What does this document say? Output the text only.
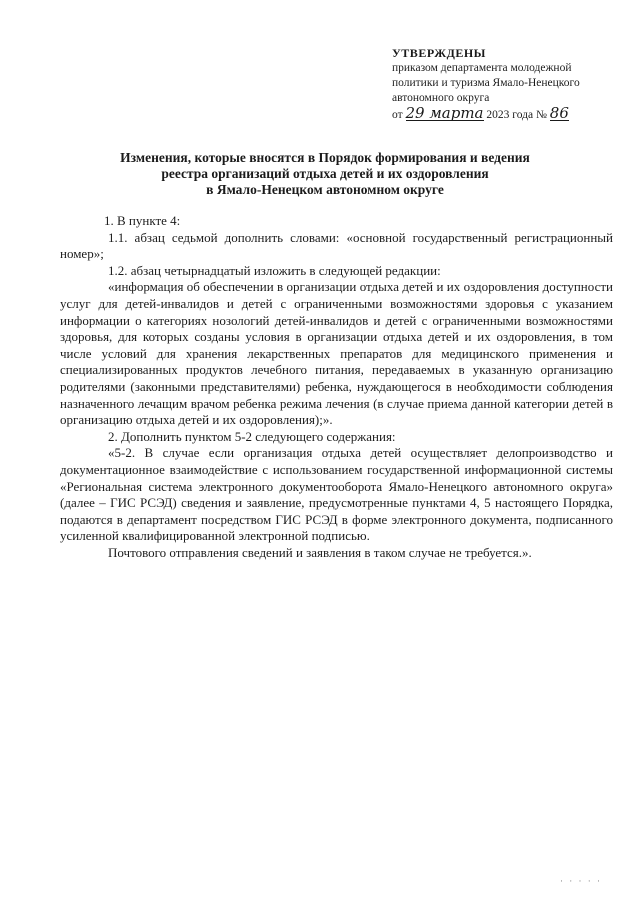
УТВЕРЖДЕНЫ
приказом департамента молодежной
политики и туризма Ямало-Ненецкого
автономного округа
от 29 марта 2023 года № 86
Изменения, которые вносятся в Порядок формирования и ведения
реестра организаций отдыха детей и их оздоровления
в Ямало-Ненецком автономном округе

1. В пункте 4:

1.1. абзац седьмой дополнить словами: «основной государственный регистрационный номер»;

1.2. абзац четырнадцатый изложить в следующей редакции:

«информация об обеспечении в организации отдыха детей и их оздоровления доступности услуг для детей-инвалидов и детей с ограниченными возможностями здоровья с указанием информации о категориях нозологий детей-инвалидов и детей с ограниченными возможностями здоровья, для которых созданы условия в организации отдыха детей и их оздоровления, в том числе условий для хранения лекарственных препаратов для медицинского применения и специализированных продуктов лечебного питания, передаваемых в указанную организацию родителями (законными представителями) ребенка, нуждающегося в необходимости соблюдения назначенного лечащим врачом ребенка режима лечения (в случае приема данной категории детей в организацию отдыха детей и их оздоровления);».

2. Дополнить пунктом 5-2 следующего содержания:

«5-2. В случае если организация отдыха детей осуществляет делопроизводство и документационное взаимодействие с использованием государственной информационной системы «Региональная система электронного документооборота Ямало-Ненецкого автономного округа» (далее – ГИС РСЭД) сведения и заявление, предусмотренные пунктами 4, 5 настоящего Порядка, подаются в департамент посредством ГИС РСЭД в форме электронного документа, подписанного усиленной квалифицированной электронной подписью.

Почтового отправления сведений и заявления в таком случае не требуется.».

· · · · ·
